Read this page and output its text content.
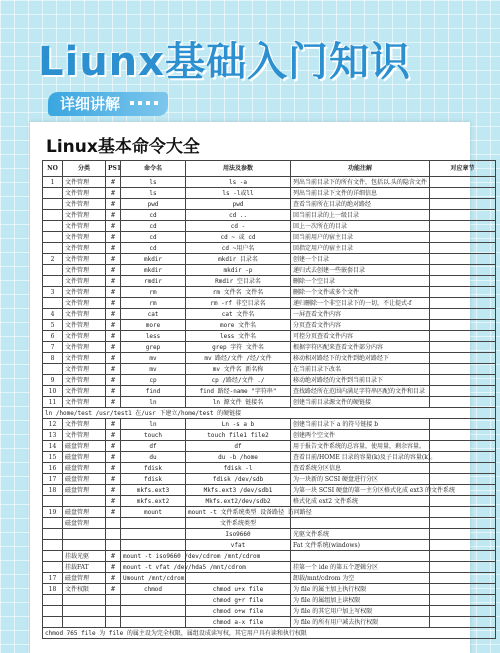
Liunx基础入门知识
详细讲解
Linux基本命令大全
NO	分类	PS1	命令名	用法及参数	功能注解	对应章节
1	文件管理	#	ls	ls -a	列出当前目录下的所有文件，包括以.头的隐含文件	
	文件管理	#	ls	ls -l或ll	列出当前目录下文件的详细信息	
	文件管理	#	pwd	pwd	查看当前所在目录的绝对路经	
	文件管理	#	cd	cd ..	回当前目录的上一级目录	
	文件管理	#	cd	cd -	回上一次所在的目录	
	文件管理	#	cd	cd ~ 或 cd	回当前用户的宿主目录	
	文件管理	#	cd	cd ~用户名	回指定用户的宿主目录	
2	文件管理	#	mkdir	mkdir 目录名	创建一个目录	
	文件管理	#	mkdir	mkdir -p	递归式去创建一些嵌套目录	
	文件管理	#	rmdir	Rmdir 空目录名	删除一个空目录	
3	文件管理	#	rm	rm 文件名 文件名	删除一个文件或多个文件	
	文件管理	#	rm	rm -rf 非空目录名	递归删除一个非空目录下的一切，不让提式-f	
4	文件管理	#	cat	cat 文件名	一屏查看文件内容	
5	文件管理	#	more	more 文件名	分页查看文件内容	
6	文件管理	#	less	less 文件名	可控分页查看文件内容	
7	文件管理	#	grep	grep 字符 文件名	根据字符匹配来查看文件部分内容	
8	文件管理	#	mv	mv 路经/文件 /经/文件	移动相对路经下的文件到绝对路经下	
	文件管理	#	mv	mv 文件名 新名称	在当前目录下改名	
9	文件管理	#	cp	cp /路经/文件 ./	移动绝对路经的文件到当前目录下	
10	文件管理	#	find	find 路经-name "字符串"	查找路经所在范围内满足字符串匹配的文件和目录	
11	文件管理	#	ln	ln 源文件 链接名	创建当前目录源文件的硬链接	
ln /home/test /usr/test1 在/usr 下建立/home/test 的硬链接						
12	文件管理	#	ln	Ln -s a b	创建当前目录下 a 的符号链接 b	
13	文件管理	#	touch	touch file1 file2	创建两个空文件	
14	磁盘管理	#	df	df	用于报告文件系统的总容量，使用量，剩余容量。	
15	磁盘管理	#	du	du -b /home	查看目前/HOME 目录的容量(k)及子目录的容量(k)。	
16	磁盘管理	#	fdisk	fdisk -l	查看系统分区信息	
17	磁盘管理	#	fdisk	fdisk /dev/sdb	为一块新的 SCSI 硬盘进行分区	
18	磁盘管理	#	mkfs.ext3	Mkfs.ext3 /dev/sdb1	为第一块 SCSI 硬盘的第一主分区格式化成 ext3 的文件系统	
		#	mkfs.ext2	Mkfs.ext2/dev/sdb2	格式化成 ext2 文件系统	
19	磁盘管理	#	mount	mount -t 文件系统类型 设备路径 访问路径		
	磁盘管理			文件系统类型		
				Iso9660	光驱文件系统	
				vfat	Fat 文件系统(windows)	
	挂载光驱	#	mount -t iso9660 /dev/cdrom /mnt/cdrom			
	挂载FAT	#	mount -t vfat /dev/hda5 /mnt/cdrom		挂第一个 ide 的第五个逻辑分区	
17	磁盘管理	#	Umount /mnt/cdrom		卸载/mnt/cdrom 为空	
18	文件权限	#	chmod	chmod u+x file	为 file 的属主加上执行权限	
				chmod g+r file	为 file 的属组加上读权限	
				chmod o+w file	为 file 的其它用户加上写权限	
				chmod a-x file	为 file 的所有用户减去执行权限	
chmod 765 file 为 file 的属主设为完全权限，属组设成读写权，其它用户具有读和执行权限						
